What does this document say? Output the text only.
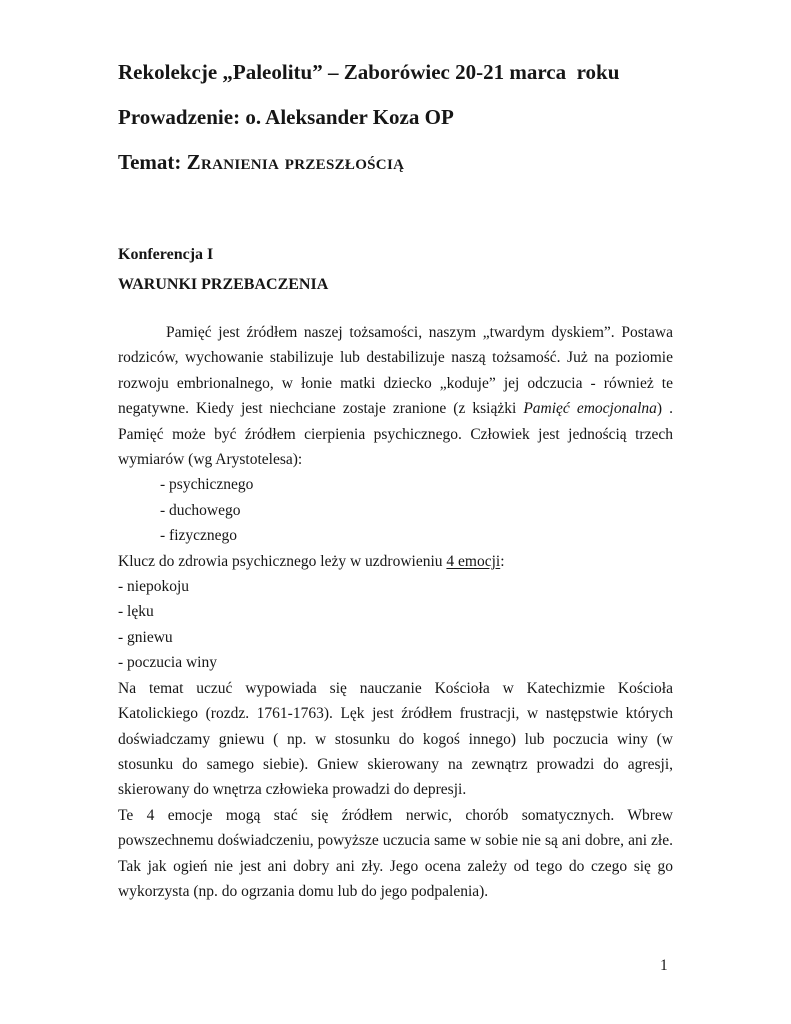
Rekolekcje „Paleolitu” – Zaborówiec 20-21 marca  roku
Prowadzenie: o. Aleksander Koza OP
Temat: Zranienia przeszłością
Konferencja I
WARUNKI PRZEBACZENIA

Pamięć jest źródłem naszej tożsamości, naszym „twardym dyskiem”. Postawa rodziców, wychowanie stabilizuje lub destabilizuje naszą tożsamość. Już na poziomie rozwoju embrionalnego, w łonie matki dziecko „koduje” jej odczucia - również te negatywne. Kiedy jest niechciane zostaje zranione (z książki Pamięć emocjonalna) . Pamięć może być źródłem cierpienia psychicznego. Człowiek jest jednością trzech wymiarów (wg Arystotelesa):

- psychicznego

- duchowego

- fizycznego

Klucz do zdrowia psychicznego leży w uzdrowieniu 4 emocji:

- niepokoju

- lęku

- gniewu

- poczucia winy

Na temat uczuć wypowiada się nauczanie Kościoła w Katechizmie Kościoła Katolickiego (rozdz. 1761-1763). Lęk jest źródłem frustracji, w następstwie których doświadczamy gniewu ( np. w stosunku do kogoś innego) lub poczucia winy (w stosunku do samego siebie). Gniew skierowany na zewnątrz prowadzi do agresji, skierowany do wnętrza człowieka prowadzi do depresji.

Te 4 emocje mogą stać się źródłem nerwic, chorób somatycznych. Wbrew powszechnemu doświadczeniu, powyższe uczucia same w sobie nie są ani dobre, ani złe. Tak jak ogień nie jest ani dobry ani zły. Jego ocena zależy od tego do czego się go wykorzysta (np. do ogrzania domu lub do jego podpalenia).

1
